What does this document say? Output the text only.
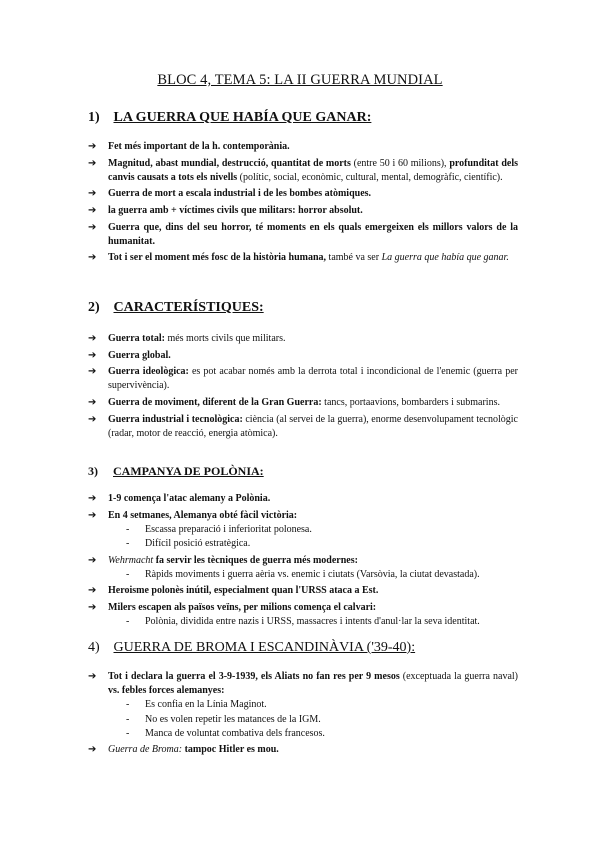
BLOC 4, TEMA 5: LA II GUERRA MUNDIAL
1) LA GUERRA QUE HABÍA QUE GANAR:
➔ Fet més important de la h. contemporània.
➔ Magnitud, abast mundial, destrucció, quantitat de morts (entre 50 i 60 milions), profunditat dels canvis causats a tots els nivells (polític, social, econòmic, cultural, mental, demogràfic, científic).
➔ Guerra de mort a escala industrial i de les bombes atòmiques.
➔ la guerra amb + víctimes civils que militars: horror absolut.
➔ Guerra que, dins del seu horror, té moments en els quals emergeixen els millors valors de la humanitat.
➔ Tot i ser el moment més fosc de la història humana, també va ser La guerra que había que ganar.
2) CARACTERÍSTIQUES:
➔ Guerra total: més morts civils que militars.
➔ Guerra global.
➔ Guerra ideològica: es pot acabar només amb la derrota total i incondicional de l'enemic (guerra per supervivència).
➔ Guerra de moviment, diferent de la Gran Guerra: tancs, portaavions, bombarders i submarins.
➔ Guerra industrial i tecnològica: ciència (al servei de la guerra), enorme desenvolupament tecnològic (radar, motor de reacció, energia atòmica).
3) CAMPANYA DE POLÒNIA:
➔ 1-9 comença l'atac alemany a Polònia.
➔ En 4 setmanes, Alemanya obté fàcil victòria:
- Escassa preparació i inferioritat polonesa.
- Difícil posició estratègica.
➔ Wehrmacht fa servir les tècniques de guerra més modernes:
- Ràpids moviments i guerra aèria vs. enemic i ciutats (Varsòvia, la ciutat devastada).
➔ Heroisme polonès inútil, especialment quan l'URSS ataca a Est.
➔ Milers escapen als països veïns, per milions comença el calvari:
- Polònia, dividida entre nazis i URSS, massacres i intents d'anul·lar la seva identitat.
4) GUERRA DE BROMA I ESCANDINÀVIA ('39-40):
➔ Tot i declara la guerra el 3-9-1939, els Aliats no fan res per 9 mesos (exceptuada la guerra naval) vs. febles forces alemanyes:
- Es confia en la Línia Maginot.
- No es volen repetir les matances de la IGM.
- Manca de voluntat combativa dels francesos.
➔ Guerra de Broma: tampoc Hitler es mou.
